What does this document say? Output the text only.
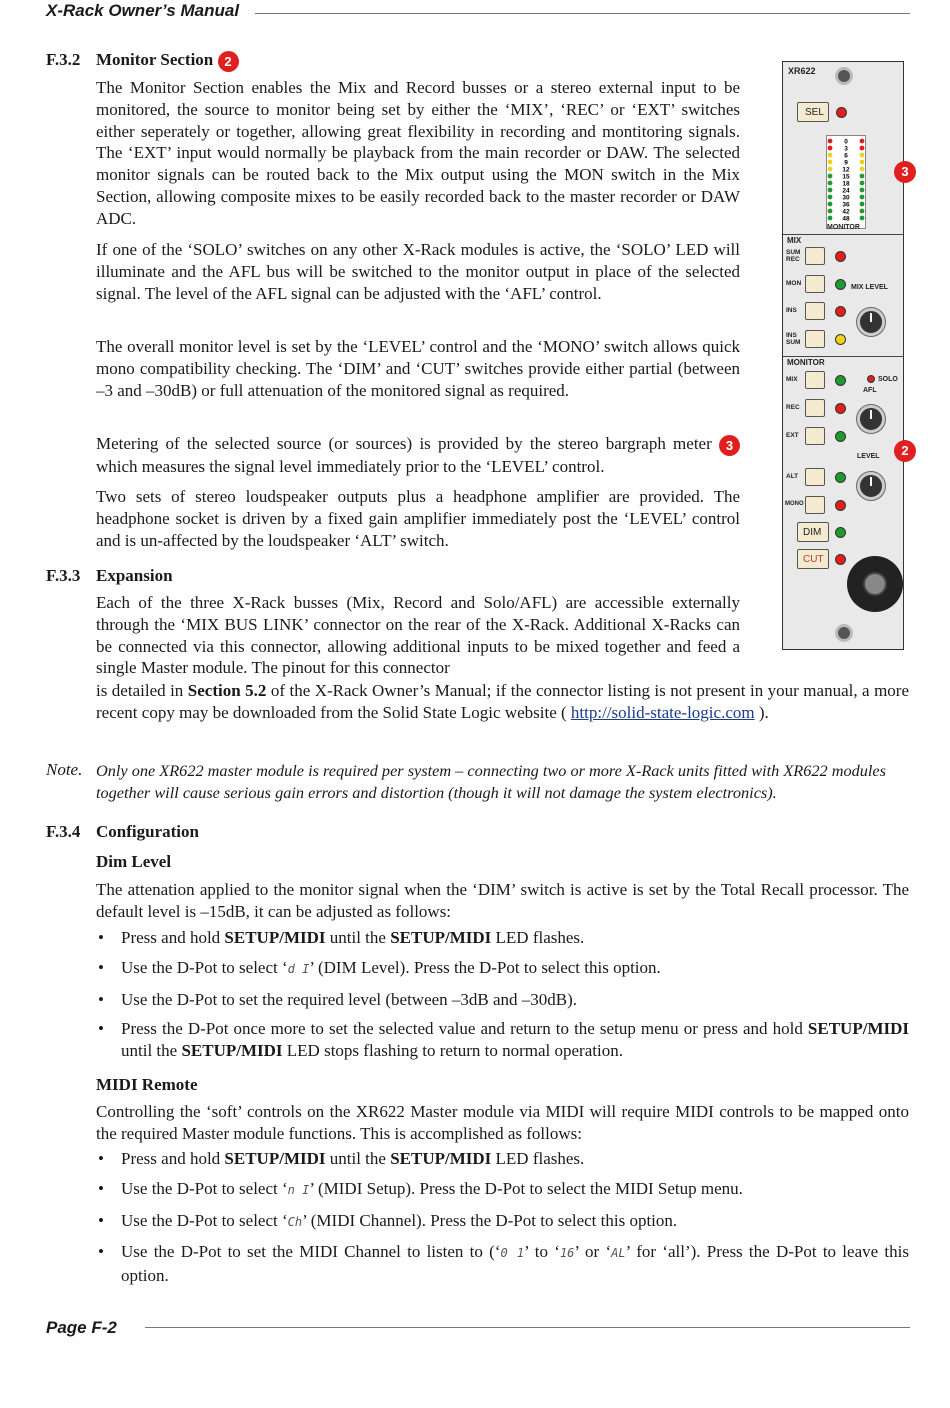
X-Rack Owner’s Manual
F.3.2 Monitor Section 2
The Monitor Section enables the Mix and Record busses or a stereo external input to be monitored, the source to monitor being set by either the ‘MIX’, ‘REC’ or ‘EXT’ switches either seperately or together, allowing great flexibility in recording and montitoring signals. The ‘EXT’ input would normally be playback from the main recorder or DAW. The selected monitor signals can be routed back to the Mix output using the MON switch in the Mix Section, allowing composite mixes to be easily recorded back to the master recorder or DAW ADC.
If one of the ‘SOLO’ switches on any other X-Rack modules is active, the ‘SOLO’ LED will illuminate and the AFL bus will be switched to the monitor output in place of the selected signal. The level of the AFL signal can be adjusted with the ‘AFL’ control.
The overall monitor level is set by the ‘LEVEL’ control and the ‘MONO’ switch allows quick mono compatibility checking. The ‘DIM’ and ‘CUT’ switches provide either partial (between –3 and –30dB) or full attenuation of the monitored signal as required.
Metering of the selected source (or sources) is provided by the stereo bargraph meter 3 which measures the signal level immediately prior to the ‘LEVEL’ control.
Two sets of stereo loudspeaker outputs plus a headphone amplifier are provided. The headphone socket is driven by a fixed gain amplifier immediately post the ‘LEVEL’ control and is un-affected by the loudspeaker ‘ALT’ switch.
F.3.3 Expansion
Each of the three X-Rack busses (Mix, Record and Solo/AFL) are accessible externally through the ‘MIX BUS LINK’ connector on the rear of the X-Rack. Additional X-Racks can be connected via this connector, allowing additional inputs to be mixed together and feed a single Master module. The pinout for this connector
is detailed in Section 5.2 of the X-Rack Owner’s Manual; if the connector listing is not present in your manual, a more recent copy may be downloaded from the Solid State Logic website ( http://solid-state-logic.com ).
Note. Only one XR622 master module is required per system – connecting two or more X-Rack units fitted with XR622 modules together will cause serious gain errors and distortion (though it will not damage the system electronics).
F.3.4 Configuration
Dim Level
The attenation applied to the monitor signal when the ‘DIM’ switch is active is set by the Total Recall processor. The default level is –15dB, it can be adjusted as follows:
• Press and hold SETUP/MIDI until the SETUP/MIDI LED flashes.
• Use the D-Pot to select ‘d I’ (DIM Level). Press the D-Pot to select this option.
• Use the D-Pot to set the required level (between –3dB and –30dB).
• Press the D-Pot once more to set the selected value and return to the setup menu or press and hold SETUP/MIDI until the SETUP/MIDI LED stops flashing to return to normal operation.
MIDI Remote
Controlling the ‘soft’ controls on the XR622 Master module via MIDI will require MIDI controls to be mapped onto the required Master module functions. This is accomplished as follows:
• Press and hold SETUP/MIDI until the SETUP/MIDI LED flashes.
• Use the D-Pot to select ‘n I’ (MIDI Setup). Press the D-Pot to select the MIDI Setup menu.
• Use the D-Pot to select ‘Ch’ (MIDI Channel). Press the D-Pot to select this option.
• Use the D-Pot to set the MIDI Channel to listen to (‘0 1’ to ‘16’ or ‘AL’ for ‘all’). Press the D-Pot to leave this option.
Page F-2
XR622
SEL
0
3
6
9
12
15
18
24
30
36
42
48
MONITOR
MIX
SUM REC
MON
MIX LEVEL
INS
INS SUM
MONITOR
MIX	SOLO
AFL
REC
EXT
LEVEL
ALT
MONO
DIM
CUT
3
2
